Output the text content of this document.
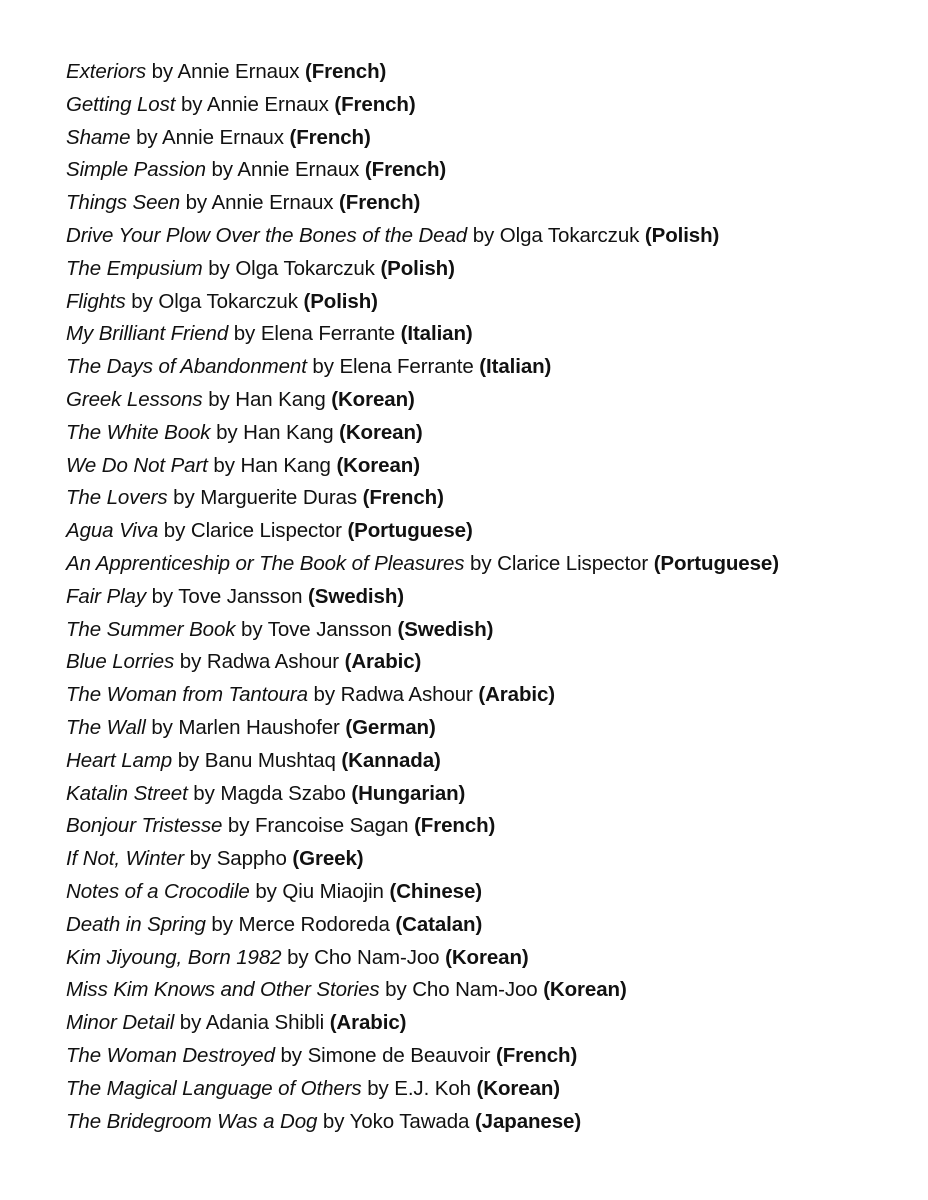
Exteriors by Annie Ernaux (French)
Getting Lost by Annie Ernaux (French)
Shame by Annie Ernaux (French)
Simple Passion by Annie Ernaux (French)
Things Seen by Annie Ernaux (French)
Drive Your Plow Over the Bones of the Dead by Olga Tokarczuk (Polish)
The Empusium by Olga Tokarczuk (Polish)
Flights by Olga Tokarczuk (Polish)
My Brilliant Friend by Elena Ferrante (Italian)
The Days of Abandonment by Elena Ferrante (Italian)
Greek Lessons by Han Kang (Korean)
The White Book by Han Kang (Korean)
We Do Not Part by Han Kang (Korean)
The Lovers by Marguerite Duras (French)
Agua Viva by Clarice Lispector (Portuguese)
An Apprenticeship or The Book of Pleasures by Clarice Lispector (Portuguese)
Fair Play by Tove Jansson (Swedish)
The Summer Book by Tove Jansson (Swedish)
Blue Lorries by Radwa Ashour (Arabic)
The Woman from Tantoura by Radwa Ashour (Arabic)
The Wall by Marlen Haushofer (German)
Heart Lamp by Banu Mushtaq (Kannada)
Katalin Street by Magda Szabo (Hungarian)
Bonjour Tristesse by Francoise Sagan (French)
If Not, Winter by Sappho (Greek)
Notes of a Crocodile by Qiu Miaojin (Chinese)
Death in Spring by Merce Rodoreda (Catalan)
Kim Jiyoung, Born 1982 by Cho Nam-Joo (Korean)
Miss Kim Knows and Other Stories by Cho Nam-Joo (Korean)
Minor Detail by Adania Shibli (Arabic)
The Woman Destroyed by Simone de Beauvoir (French)
The Magical Language of Others by E.J. Koh (Korean)
The Bridegroom Was a Dog by Yoko Tawada (Japanese)
